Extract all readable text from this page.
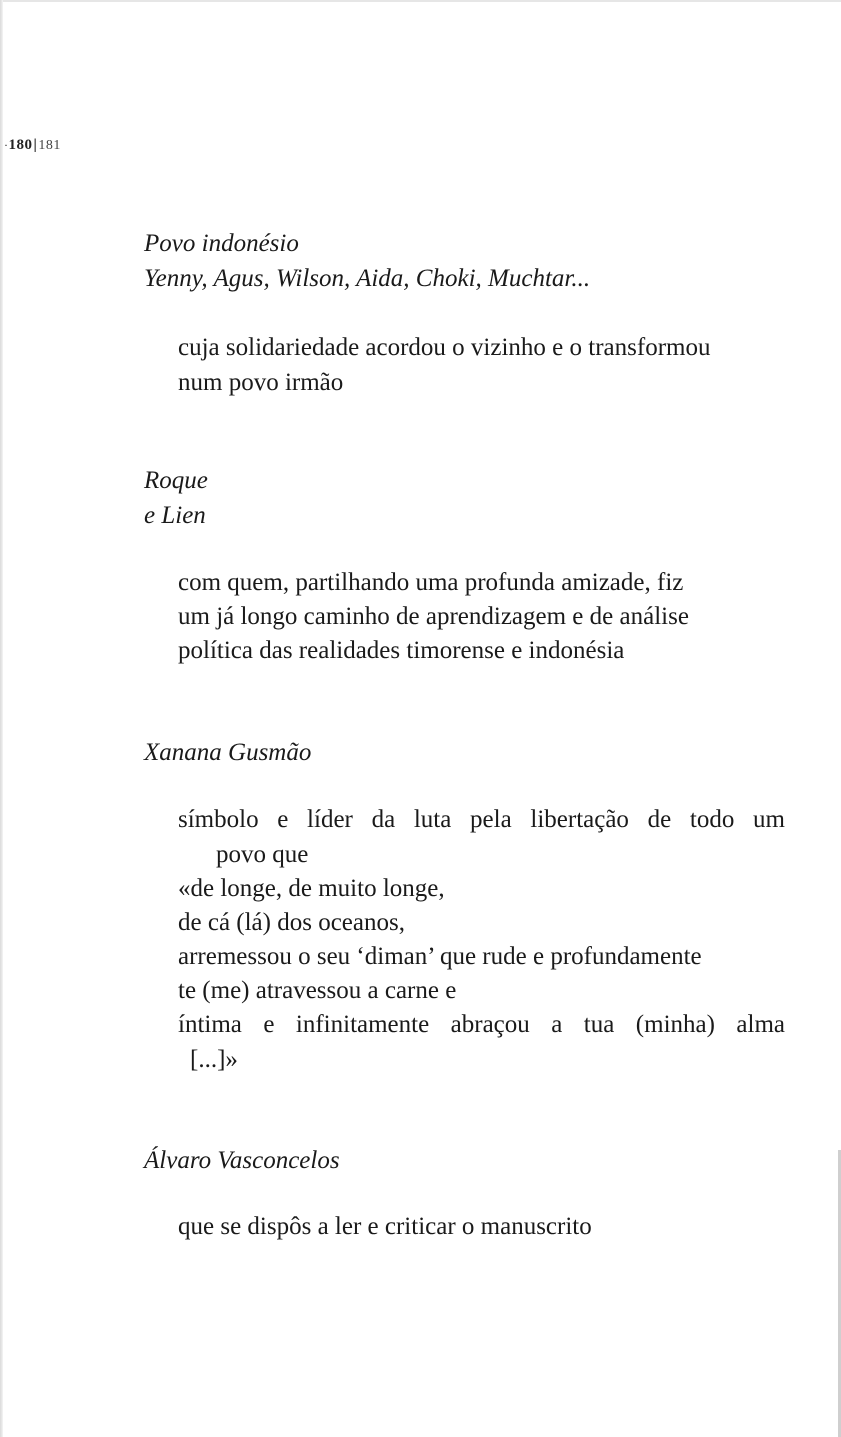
·180|181
Povo indonésio
Yenny, Agus, Wilson, Aida, Choki, Muchtar...
cuja solidariedade acordou o vizinho e o transformou
num povo irmão
Roque
e Lien
com quem, partilhando uma profunda amizade, fiz
um já longo caminho de aprendizagem e de análise
política das realidades timorense e indonésia
Xanana Gusmão
símbolo e líder da luta pela libertação de todo um
povo que
«de longe, de muito longe,
de cá (lá) dos oceanos,
arremessou o seu ‘diman’ que rude e profundamente
te (me) atravessou a carne e
íntima e infinitamente abraçou a tua (minha) alma
[...]»
Álvaro Vasconcelos
que se dispôs a ler e criticar o manuscrito
